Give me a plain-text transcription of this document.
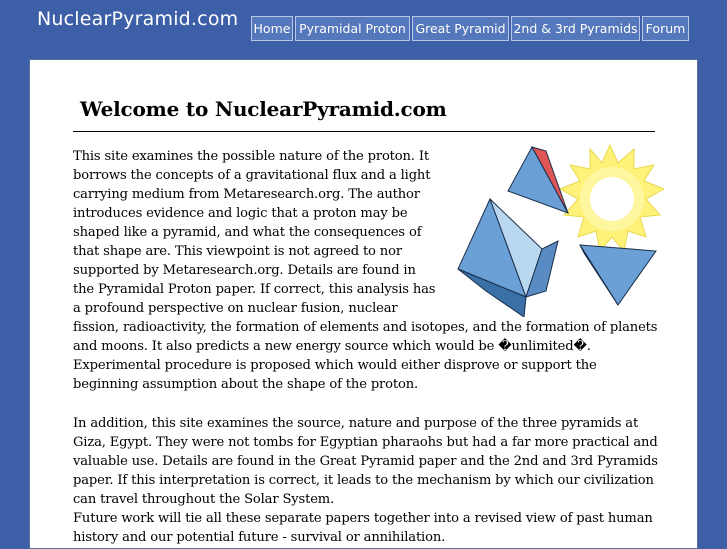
NuclearPyramid.com Home Pyramidal Proton Great Pyramid 2nd & 3rd Pyramids Forum
Welcome to NuclearPyramid.com

This site examines the possible nature of the proton. It borrows the concepts of a gravitational flux and a light carrying medium from Metaresearch.org. The author introduces evidence and logic that a proton may be shaped like a pyramid, and what the consequences of that shape are. This viewpoint is not agreed to nor supported by Metaresearch.org. Details are found in the Pyramidal Proton paper. If correct, this analysis has a profound perspective on nuclear fusion, nuclear fission, radioactivity, the formation of elements and isotopes, and the formation of planets and moons. It also predicts a new energy source which would be �unlimited�. Experimental procedure is proposed which would either disprove or support the beginning assumption about the shape of the proton.

In addition, this site examines the source, nature and purpose of the three pyramids at Giza, Egypt. They were not tombs for Egyptian pharaohs but had a far more practical and valuable use. Details are found in the Great Pyramid paper and the 2nd and 3rd Pyramids paper. If this interpretation is correct, it leads to the mechanism by which our civilization can travel throughout the Solar System.

Future work will tie all these separate papers together into a revised view of past human history and our potential future - survival or annihilation.
